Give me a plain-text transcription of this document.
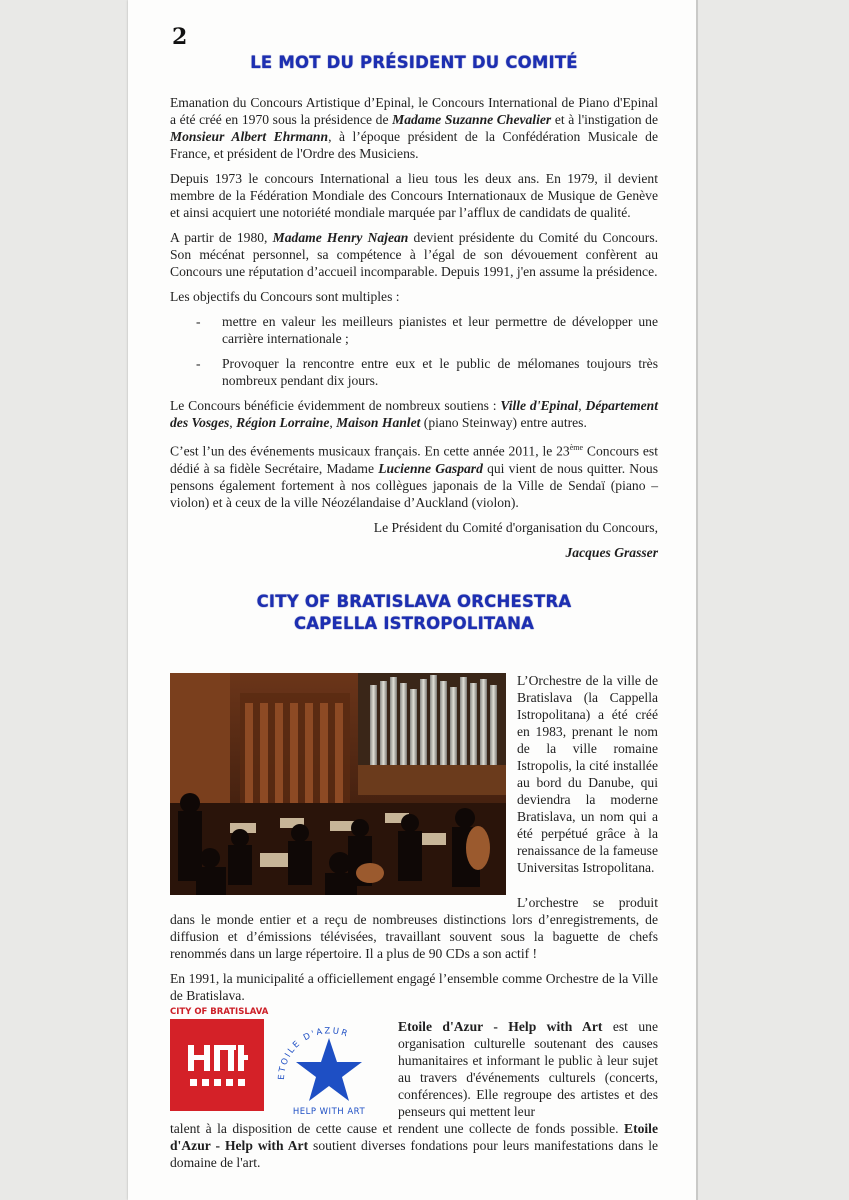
2
LE MOT DU PRÉSIDENT DU COMITÉ

Emanation du Concours Artistique d’Epinal, le Concours International de Piano d'Epinal a été créé en 1970 sous la présidence de Madame Suzanne Chevalier et à l'instigation de Monsieur Albert Ehrmann, à l’époque président de la Confédération Musicale de France, et président de l'Ordre des Musiciens.

Depuis 1973 le concours International a lieu tous les deux ans. En 1979, il devient membre de la Fédération Mondiale des Concours Internationaux de Musique de Genève et ainsi acquiert une notoriété mondiale marquée par l’afflux de candidats de qualité.

A partir de 1980, Madame Henry Najean devient présidente du Comité du Concours. Son mécénat personnel, sa compétence à l’égal de son dévouement confèrent au Concours une réputation d’accueil incomparable. Depuis 1991, j'en assume la présidence.

Les objectifs du Concours sont multiples :

-	mettre en valeur les meilleurs pianistes et leur permettre de développer une carrière internationale ;
-	Provoquer la rencontre entre eux et le public de mélomanes toujours très nombreux pendant dix jours.

Le Concours bénéficie évidemment de nombreux soutiens : Ville d'Epinal, Département des Vosges, Région Lorraine, Maison Hanlet (piano Steinway) entre autres.

C’est l’un des événements musicaux français. En cette année 2011, le 23ème Concours est dédié à sa fidèle Secrétaire, Madame Lucienne Gaspard qui vient de nous quitter. Nous pensons également fortement à nos collègues japonais de la Ville de Sendaï (piano – violon) et à ceux de la ville Néozélandaise d’Auckland (violon).

Le Président du Comité d'organisation du Concours,

Jacques Grasser

CITY OF BRATISLAVA ORCHESTRA
CAPELLA ISTROPOLITANA
L’Orchestre de la ville de Bratislava (la Cappella Istropolitana) a été créé en 1983, prenant le nom de la ville romaine Istropolis, la cité installée au bord du Danube, qui deviendra la moderne Bratislava, un nom qui a été perpétué grâce à la renaissance de la fameuse Universitas Istropolitana.

L’orchestre se produit dans le monde entier et a reçu de nombreuses distinctions lors d’enregistrements, de diffusion et d’émissions télévisées, travaillant souvent sous la baguette de chefs renommés dans un large répertoire. Il a plus de 90 CDs a son actif !

En 1991, la municipalité a officiellement engagé l’ensemble comme Orchestre de la Ville de Bratislava.

CITY OF BRATISLAVA
ETOILE D'AZUR
HELP WITH ART
Etoile d'Azur - Help with Art est une organisation culturelle soutenant des causes humanitaires et informant le public à leur sujet au travers d'événements culturels (concerts, conférences). Elle regroupe des artistes et des penseurs qui mettent leur
talent à la disposition de cette cause et rendent une collecte de fonds possible. Etoile d'Azur - Help with Art soutient diverses fondations pour leurs manifestations dans le domaine de l'art.
